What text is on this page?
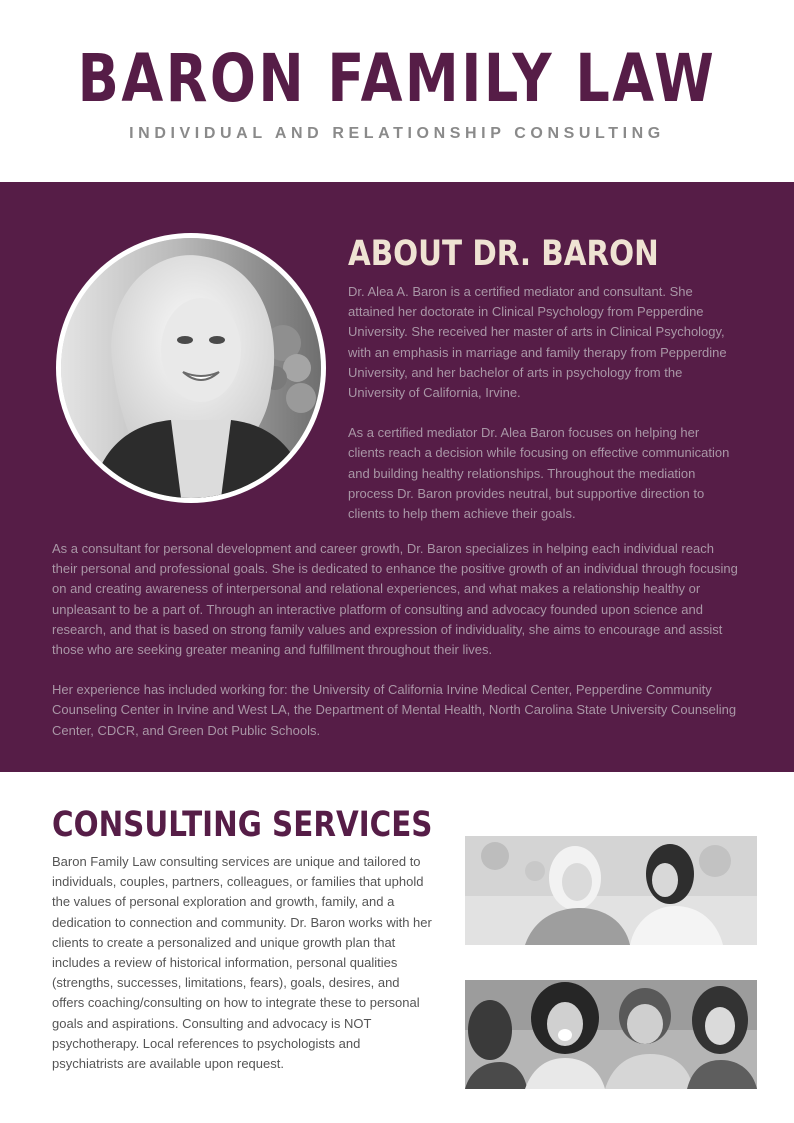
BARON FAMILY LAW
INDIVIDUAL AND RELATIONSHIP CONSULTING
ABOUT DR. BARON

Dr. Alea A. Baron is a certified mediator and consultant. She attained her doctorate in Clinical Psychology from Pepperdine University. She received her master of arts in Clinical Psychology, with an emphasis in marriage and family therapy from Pepperdine University, and her bachelor of arts in psychology from the University of California, Irvine.

As a certified mediator Dr. Alea Baron focuses on helping her clients reach a decision while focusing on effective communication and building healthy relationships. Throughout the mediation process Dr. Baron provides neutral, but supportive direction to clients to help them achieve their goals.

As a consultant for personal development and career growth, Dr. Baron specializes in helping each individual reach their personal and professional goals. She is dedicated to enhance the positive growth of an individual through focusing on and creating awareness of interpersonal and relational experiences, and what makes a relationship healthy or unpleasant to be a part of. Through an interactive platform of consulting and advocacy founded upon science and research, and that is based on strong family values and expression of individuality, she aims to encourage and assist those who are seeking greater meaning and fulfillment throughout their lives.

Her experience has included working for: the University of California Irvine Medical Center, Pepperdine Community Counseling Center in Irvine and West LA, the Department of Mental Health, North Carolina State University Counseling Center, CDCR, and Green Dot Public Schools.

CONSULTING SERVICES

Baron Family Law consulting services are unique and tailored to individuals, couples, partners, colleagues, or families that uphold the values of personal exploration and growth, family, and a dedication to connection and community. Dr. Baron works with her clients to create a personalized and unique growth plan that includes a review of historical information, personal qualities (strengths, successes, limitations, fears), goals, desires, and offers coaching/consulting on how to integrate these to personal goals and aspirations. Consulting and advocacy is NOT psychotherapy. Local references to psychologists and psychiatrists are available upon request.
